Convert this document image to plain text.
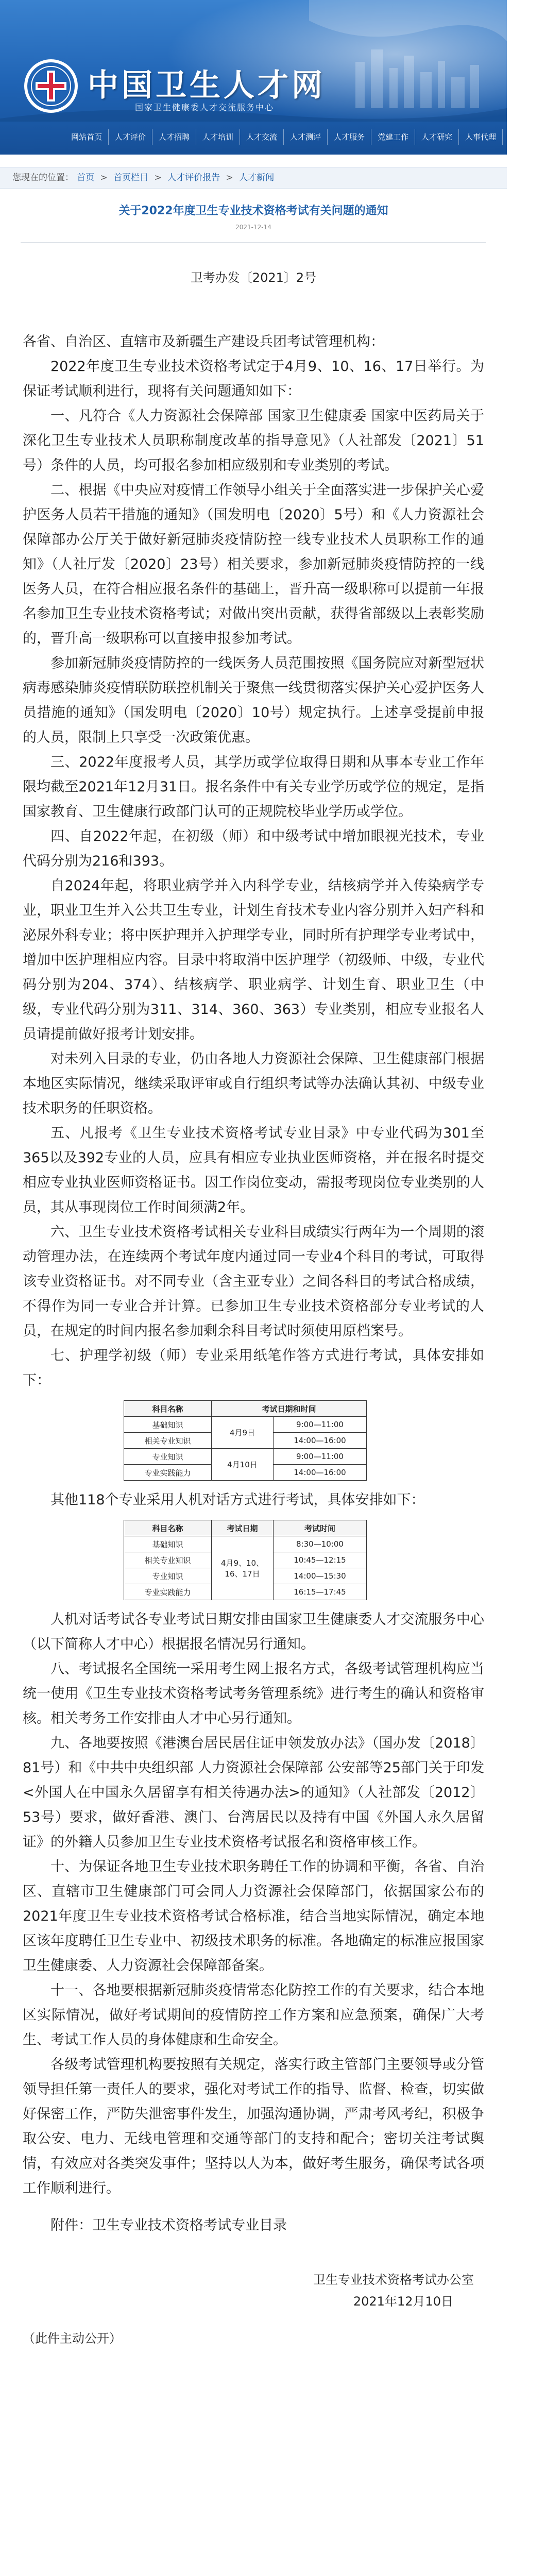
中国卫生人才网
国家卫生健康委人才交流服务中心
网站首页	人才评价	人才招聘	人才培训	人才交流	人才测评	人才服务	党建工作	人才研究	人事代理	关于我们
您现在的位置： 首页 > 首页栏目 > 人才评价报告 > 人才新闻
关于2022年度卫生专业技术资格考试有关问题的通知
2021-12-14
卫考办发〔2021〕2号

各省、自治区、直辖市及新疆生产建设兵团考试管理机构：

2022年度卫生专业技术资格考试定于4月9、10、16、17日举行。为保证考试顺利进行，现将有关问题通知如下：

一、凡符合《人力资源社会保障部 国家卫生健康委 国家中医药局关于深化卫生专业技术人员职称制度改革的指导意见》（人社部发〔2021〕51号）条件的人员，均可报名参加相应级别和专业类别的考试。

二、根据《中央应对疫情工作领导小组关于全面落实进一步保护关心爱护医务人员若干措施的通知》（国发明电〔2020〕5号）和《人力资源社会保障部办公厅关于做好新冠肺炎疫情防控一线专业技术人员职称工作的通知》（人社厅发〔2020〕23号）相关要求，参加新冠肺炎疫情防控的一线医务人员，在符合相应报名条件的基础上，晋升高一级职称可以提前一年报名参加卫生专业技术资格考试；对做出突出贡献，获得省部级以上表彰奖励的，晋升高一级职称可以直接申报参加考试。

参加新冠肺炎疫情防控的一线医务人员范围按照《国务院应对新型冠状病毒感染肺炎疫情联防联控机制关于聚焦一线贯彻落实保护关心爱护医务人员措施的通知》（国发明电〔2020〕10号）规定执行。上述享受提前申报的人员，限制上只享受一次政策优惠。

三、2022年度报考人员，其学历或学位取得日期和从事本专业工作年限均截至2021年12月31日。报名条件中有关专业学历或学位的规定，是指国家教育、卫生健康行政部门认可的正规院校毕业学历或学位。

四、自2022年起，在初级（师）和中级考试中增加眼视光技术，专业代码分别为216和393。

自2024年起，将职业病学并入内科学专业，结核病学并入传染病学专业，职业卫生并入公共卫生专业，计划生育技术专业内容分别并入妇产科和泌尿外科专业；将中医护理并入护理学专业，同时所有护理学专业考试中，增加中医护理相应内容。目录中将取消中医护理学（初级师、中级，专业代码分别为204、374）、结核病学、职业病学、计划生育、职业卫生（中级，专业代码分别为311、314、360、363）专业类别，相应专业报名人员请提前做好报考计划安排。

对未列入目录的专业，仍由各地人力资源社会保障、卫生健康部门根据本地区实际情况，继续采取评审或自行组织考试等办法确认其初、中级专业技术职务的任职资格。

五、凡报考《卫生专业技术资格考试专业目录》中专业代码为301至365以及392专业的人员，应具有相应专业执业医师资格，并在报名时提交相应专业执业医师资格证书。因工作岗位变动，需报考现岗位专业类别的人员，其从事现岗位工作时间须满2年。

六、卫生专业技术资格考试相关专业科目成绩实行两年为一个周期的滚动管理办法，在连续两个考试年度内通过同一专业4个科目的考试，可取得该专业资格证书。对不同专业（含主亚专业）之间各科目的考试合格成绩，不得作为同一专业合并计算。已参加卫生专业技术资格部分专业考试的人员，在规定的时间内报名参加剩余科目考试时须使用原档案号。

七、护理学初级（师）专业采用纸笔作答方式进行考试，具体安排如下：

科目名称	考试日期和时间	
基础知识	4月9日	9:00—11:00
相关专业知识		14:00—16:00
专业知识	4月10日	9:00—11:00
专业实践能力		14:00—16:00

其他118个专业采用人机对话方式进行考试，具体安排如下：

科目名称	考试日期	考试时间
基础知识	4月9、10、16、17日	8:30—10:00
相关专业知识		10:45—12:15
专业知识		14:00—15:30
专业实践能力		16:15—17:45

人机对话考试各专业考试日期安排由国家卫生健康委人才交流服务中心（以下简称人才中心）根据报名情况另行通知。

八、考试报名全国统一采用考生网上报名方式，各级考试管理机构应当统一使用《卫生专业技术资格考试考务管理系统》进行考生的确认和资格审核。相关考务工作安排由人才中心另行通知。

九、各地要按照《港澳台居民居住证申领发放办法》（国办发〔2018〕81号）和《中共中央组织部 人力资源社会保障部 公安部等25部门关于印发<外国人在中国永久居留享有相关待遇办法>的通知》（人社部发〔2012〕53号）要求，做好香港、澳门、台湾居民以及持有中国《外国人永久居留证》的外籍人员参加卫生专业技术资格考试报名和资格审核工作。

十、为保证各地卫生专业技术职务聘任工作的协调和平衡，各省、自治区、直辖市卫生健康部门可会同人力资源社会保障部门，依据国家公布的2021年度卫生专业技术资格考试合格标准，结合当地实际情况，确定本地区该年度聘任卫生专业中、初级技术职务的标准。各地确定的标准应报国家卫生健康委、人力资源社会保障部备案。

十一、各地要根据新冠肺炎疫情常态化防控工作的有关要求，结合本地区实际情况，做好考试期间的疫情防控工作方案和应急预案，确保广大考生、考试工作人员的身体健康和生命安全。

各级考试管理机构要按照有关规定，落实行政主管部门主要领导或分管领导担任第一责任人的要求，强化对考试工作的指导、监督、检查，切实做好保密工作，严防失泄密事件发生，加强沟通协调，严肃考风考纪，积极争取公安、电力、无线电管理和交通等部门的支持和配合；密切关注考试舆情，有效应对各类突发事件；坚持以人为本，做好考生服务，确保考试各项工作顺利进行。

附件：卫生专业技术资格考试专业目录

卫生专业技术资格考试办公室
2021年12月10日
（此件主动公开）
